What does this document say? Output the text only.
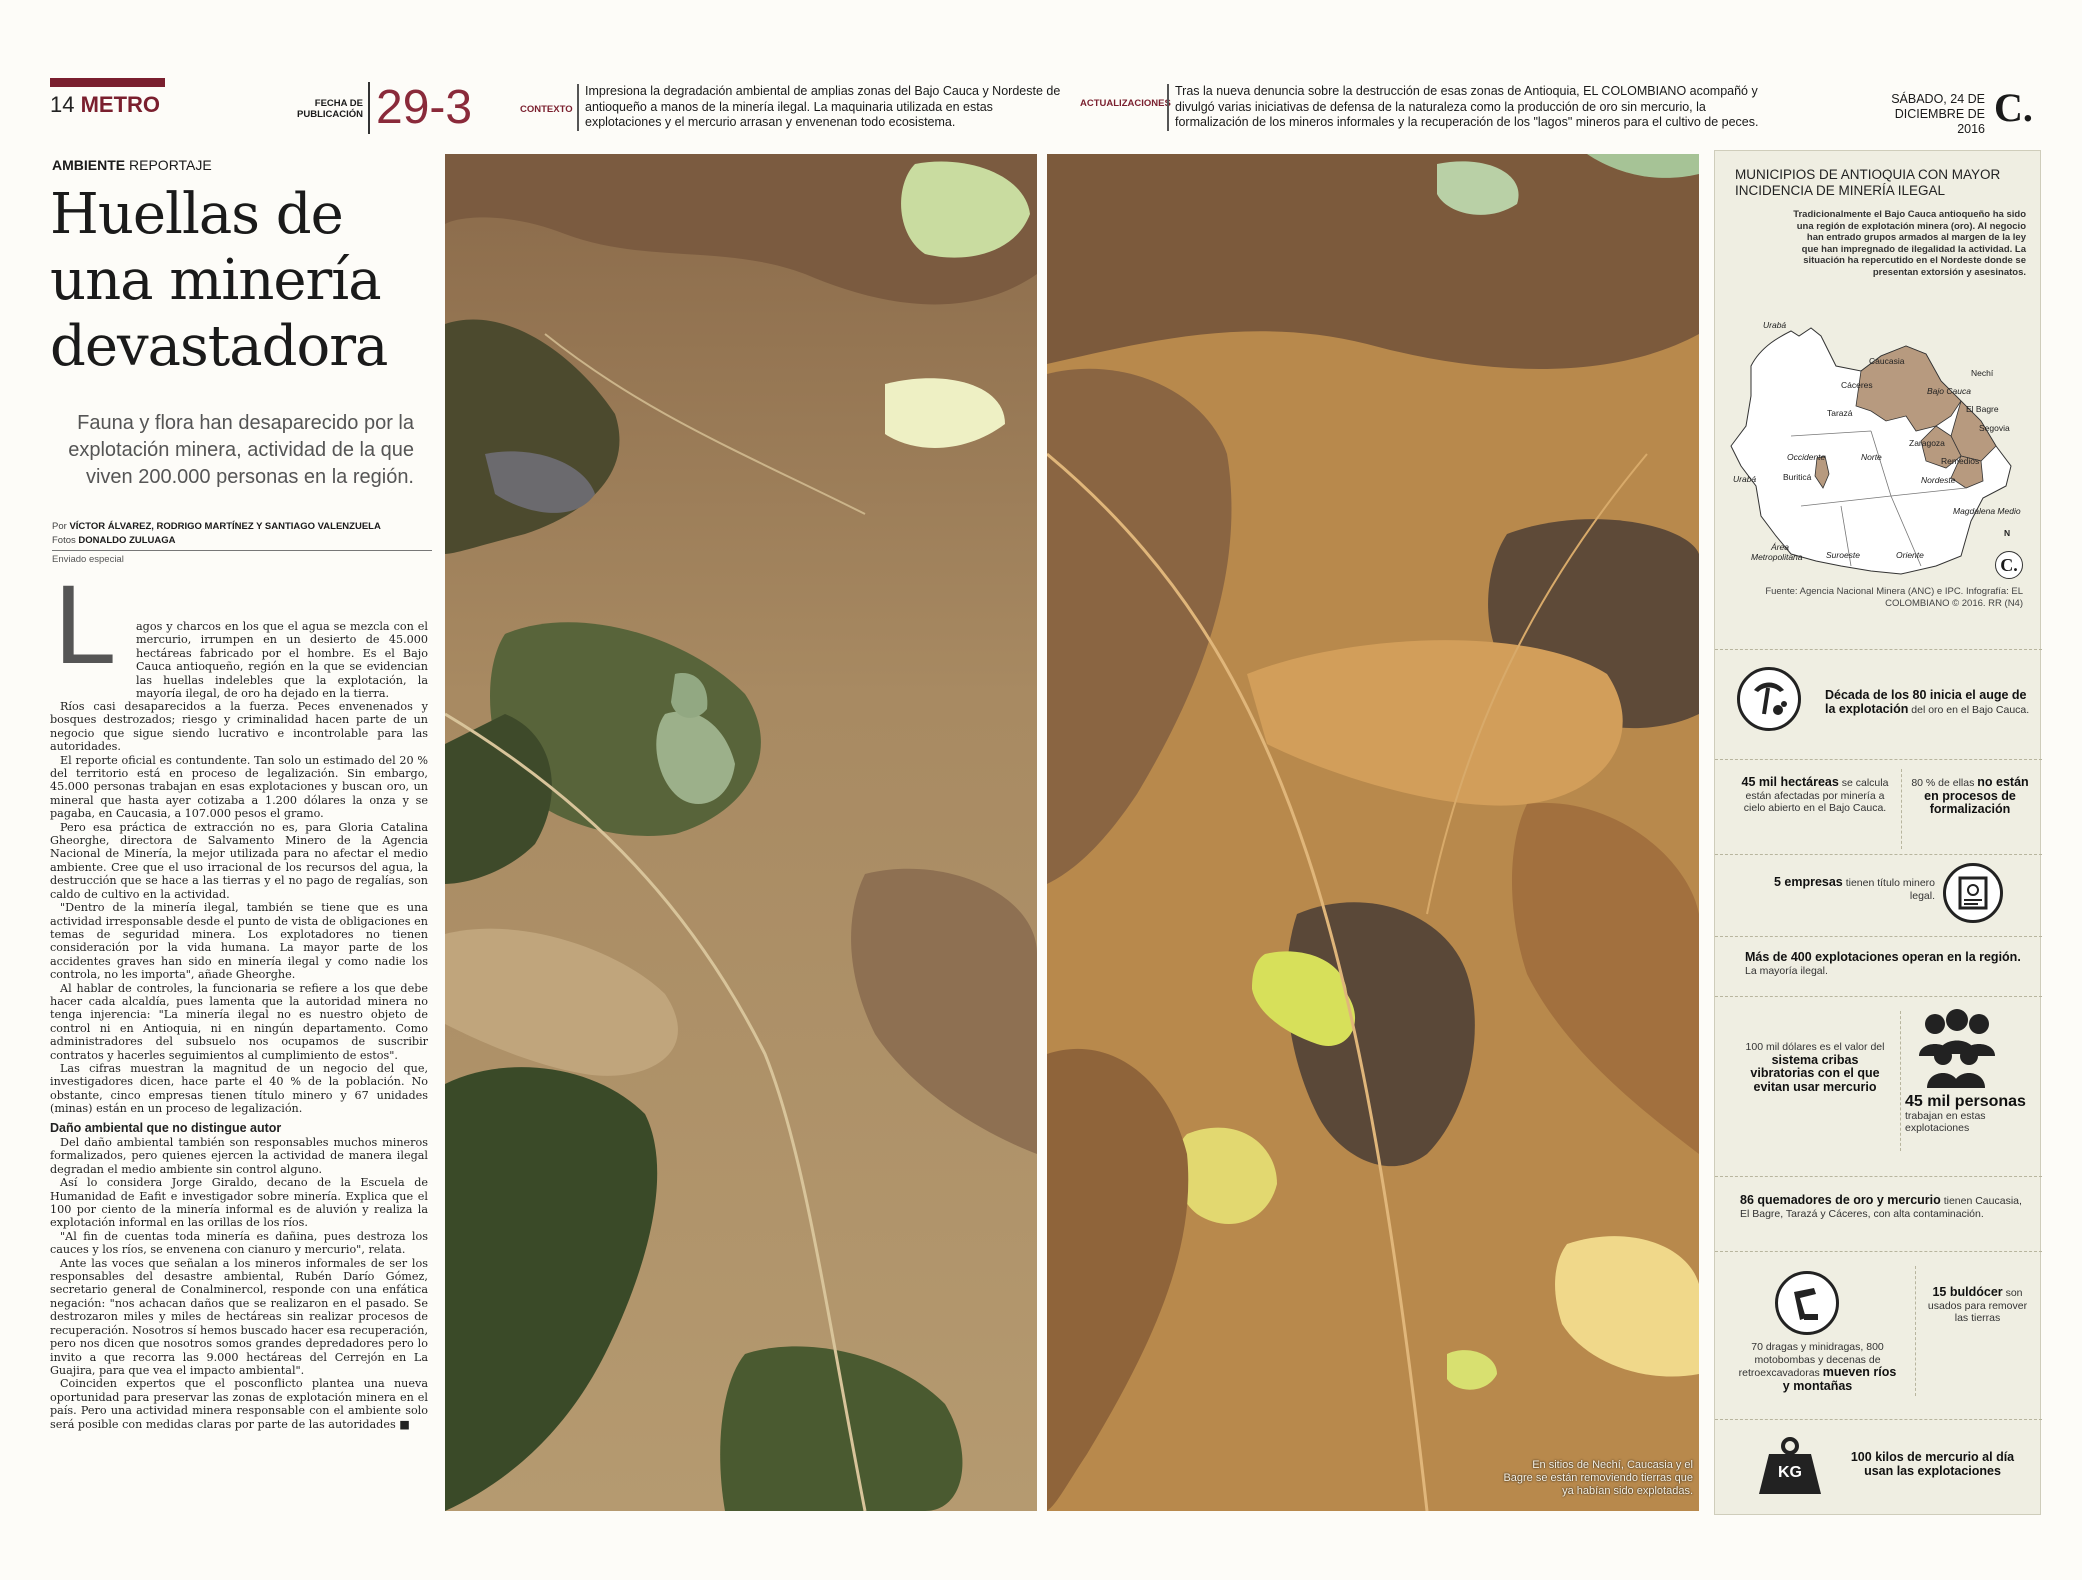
14 METRO	FECHA DE PUBLICACIÓN 29-3	CONTEXTO
Impresiona la degradación ambiental de amplias zonas del Bajo Cauca y Nordeste de antioqueño a manos de la minería ilegal. La maquinaria utilizada en estas explotaciones y el mercurio arrasan y envenenan todo ecosistema.
ACTUALIZACIONES
Tras la nueva denuncia sobre la destrucción de esas zonas de Antioquia, EL COLOMBIANO acompañó y divulgó varias iniciativas de defensa de la naturaleza como la producción de oro sin mercurio, la formalización de los mineros informales y la recuperación de los "lagos" mineros para el cultivo de peces.
SÁBADO, 24 DE DICIEMBRE DE 2016 C.
AMBIENTE REPORTAJE
Huellas de una minería devastadora
Fauna y flora han desaparecido por la explotación minera, actividad de la que viven 200.000 personas en la región.
Por VÍCTOR ÁLVAREZ, RODRIGO MARTÍNEZ Y SANTIAGO VALENZUELA
Fotos DONALDO ZULUAGA
Enviado especial
L agos y charcos en los que el agua se mezcla con el mercurio, irrumpen en un desierto de 45.000 hectáreas fabricado por el hombre. Es el Bajo Cauca antioqueño, región en la que se evidencian las huellas indelebles que la explotación, la mayoría ilegal, de oro ha dejado en la tierra.

Ríos casi desaparecidos a la fuerza. Peces envenenados y bosques destrozados; riesgo y criminalidad hacen parte de un negocio que sigue siendo lucrativo e incontrolable para las autoridades.

El reporte oficial es contundente. Tan solo un estimado del 20 % del territorio está en proceso de legalización. Sin embargo, 45.000 personas trabajan en esas explotaciones y buscan oro, un mineral que hasta ayer cotizaba a 1.200 dólares la onza y se pagaba, en Caucasia, a 107.000 pesos el gramo.

Pero esa práctica de extracción no es, para Gloria Catalina Gheorghe, directora de Salvamento Minero de la Agencia Nacional de Minería, la mejor utilizada para no afectar el medio ambiente. Cree que el uso irracional de los recursos del agua, la destrucción que se hace a las tierras y el no pago de regalías, son caldo de cultivo en la actividad.

"Dentro de la minería ilegal, también se tiene que es una actividad irresponsable desde el punto de vista de obligaciones en temas de seguridad minera. Los explotadores no tienen consideración por la vida humana. La mayor parte de los accidentes graves han sido en minería ilegal y como nadie los controla, no les importa", añade Gheorghe.

Al hablar de controles, la funcionaria se refiere a los que debe hacer cada alcaldía, pues lamenta que la autoridad minera no tenga injerencia: "La minería ilegal no es nuestro objeto de control ni en Antioquia, ni en ningún departamento. Como administradores del subsuelo nos ocupamos de suscribir contratos y hacerles seguimientos al cumplimiento de estos".

Las cifras muestran la magnitud de un negocio del que, investigadores dicen, hace parte el 40 % de la población. No obstante, cinco empresas tienen título minero y 67 unidades (minas) están en un proceso de legalización.

Daño ambiental que no distingue autor

Del daño ambiental también son responsables muchos mineros formalizados, pero quienes ejercen la actividad de manera ilegal degradan el medio ambiente sin control alguno.

Así lo considera Jorge Giraldo, decano de la Escuela de Humanidad de Eafit e investigador sobre minería. Explica que el 100 por ciento de la minería informal es de aluvión y realiza la explotación informal en las orillas de los ríos.

"Al fin de cuentas toda minería es dañina, pues destroza los cauces y los ríos, se envenena con cianuro y mercurio", relata.

Ante las voces que señalan a los mineros informales de ser los responsables del desastre ambiental, Rubén Darío Gómez, secretario general de Conalminercol, responde con una enfática negación: "nos achacan daños que se realizaron en el pasado. Se destrozaron miles y miles de hectáreas sin realizar procesos de recuperación. Nosotros sí hemos buscado hacer esa recuperación, pero nos dicen que nosotros somos grandes depredadores pero lo invito a que recorra las 9.000 hectáreas del Cerrejón en La Guajira, para que vea el impacto ambiental".

Coinciden expertos que el posconflicto plantea una nueva oportunidad para preservar las zonas de explotación minera en el país. Pero una actividad minera responsable con el ambiente solo será posible con medidas claras por parte de las autoridades ■

En sitios de Nechí, Caucasia y el Bagre se están removiendo tierras que ya habían sido explotadas.
MUNICIPIOS DE ANTIOQUIA CON MAYOR INCIDENCIA DE MINERÍA ILEGAL
Tradicionalmente el Bajo Cauca antioqueño ha sido una región de explotación minera (oro). Al negocio han entrado grupos armados al margen de la ley que han impregnado de ilegalidad la actividad. La situación ha repercutido en el Nordeste donde se presentan extorsión y asesinatos.
Urabá
Caucasia
Nechí
Cáceres
Bajo Cauca
El Bagre
Tarazá
Segovia
Zaragoza
Occidente	Norte	Remedios
Urabá	Buriticá	Nordeste
Magdalena Medio
Área
Metropolitana	Suroeste	Oriente
N
C.
Fuente: Agencia Nacional Minera (ANC) e IPC. Infografía: EL COLOMBIANO © 2016. RR (N4)
Década de los 80 inicia el auge de la explotación del oro en el Bajo Cauca.
45 mil hectáreas se calcula están afectadas por minería a cielo abierto en el Bajo Cauca.
80 % de ellas no están en procesos de formalización
5 empresas tienen título minero legal.
Más de 400 explotaciones operan en la región. La mayoría ilegal.
100 mil dólares es el valor del sistema cribas vibratorias con el que evitan usar mercurio
45 mil personas
trabajan en estas explotaciones
86 quemadores de oro y mercurio tienen Caucasia, El Bagre, Tarazá y Cáceres, con alta contaminación.
70 dragas y minidragas, 800 motobombas y decenas de retroexcavadoras mueven ríos y montañas
15 buldócer son usados para remover las tierras
KG
100 kilos de mercurio al día usan las explotaciones
